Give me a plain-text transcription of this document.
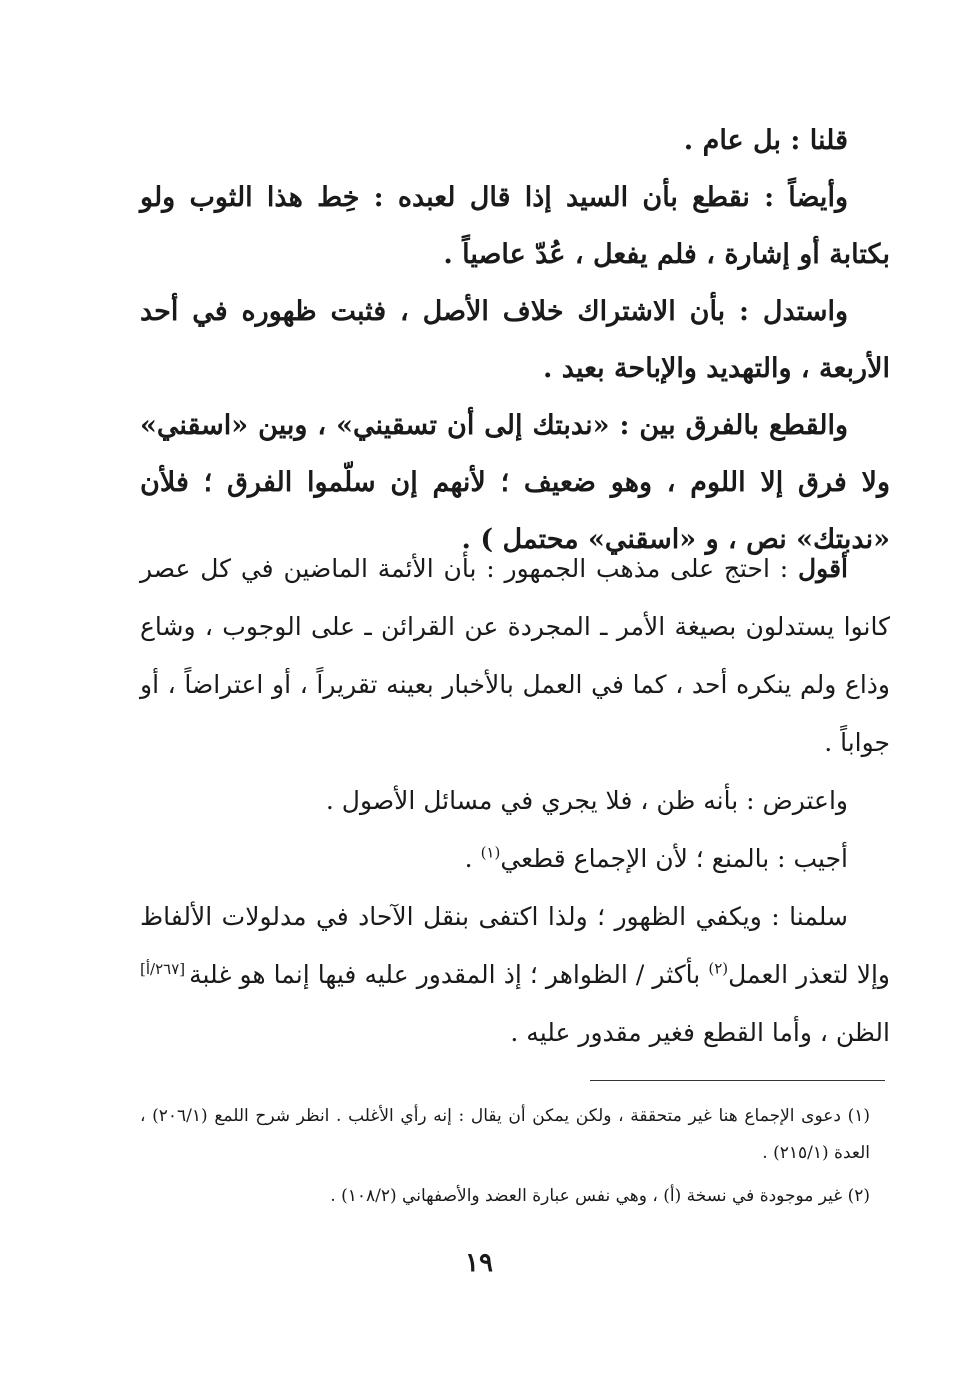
قلنا : بل عام .

وأيضاً : نقطع بأن السيد إذا قال لعبده : خِط هذا الثوب ولو بكتابة أو إشارة ، فلم يفعل ، عُدّ عاصياً .

واستدل : بأن الاشتراك خلاف الأصل ، فثبت ظهوره في أحد الأربعة ، والتهديد والإباحة بعيد .

والقطع بالفرق بين : «ندبتك إلى أن تسقيني» ، وبين «اسقني» ولا فرق إلا اللوم ، وهو ضعيف ؛ لأنهم إن سلّموا الفرق ؛ فلأن «ندبتك» نص ، و «اسقني» محتمل ) .

أقول : احتج على مذهب الجمهور : بأن الأئمة الماضين في كل عصر كانوا يستدلون بصيغة الأمر ـ المجردة عن القرائن ـ على الوجوب ، وشاع وذاع ولم ينكره أحد ، كما في العمل بالأخبار بعينه تقريراً ، أو اعتراضاً ، أو جواباً .

واعترض : بأنه ظن ، فلا يجري في مسائل الأصول .

أجيب : بالمنع ؛ لأن الإجماع قطعي$^{(١)}$ .

سلمنا : ويكفي الظهور ؛ ولذا اكتفى بنقل الآحاد في مدلولات الألفاظ وإلا لتعذر العمل$^{(٢)}$ بأكثر / الظواهر ؛ إذ المقدور عليه فيها إنما هو غلبة[٢٦٧/أ] الظن ، وأما القطع فغير مقدور عليه .

(١) دعوى الإجماع هنا غير متحققة ، ولكن يمكن أن يقال : إنه رأي الأغلب . انظر شرح اللمع (٢٠٦/١) ، العدة (٢١٥/١) .

(٢) غير موجودة في نسخة (أ) ، وهي نفس عبارة العضد والأصفهاني (١٠٨/٢) .

١٩
